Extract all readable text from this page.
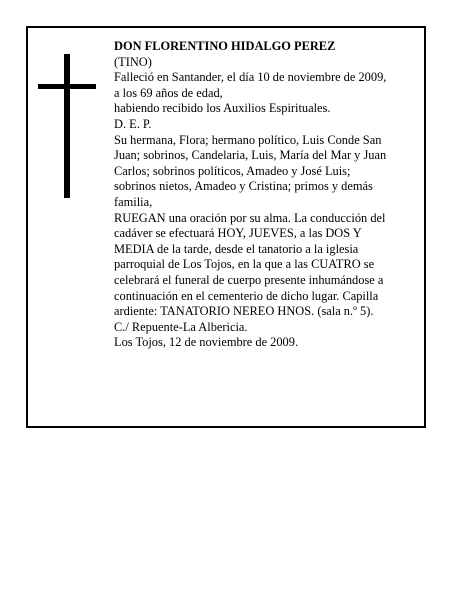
DON FLORENTINO HIDALGO PEREZ
(TINO)
Falleció en Santander, el día 10 de noviembre de 2009,
a los 69 años de edad,
habiendo recibido los Auxilios Espirituales.
D. E. P.
Su hermana, Flora; hermano político, Luis Conde San
Juan; sobrinos, Candelaria, Luis, María del Mar y Juan
Carlos; sobrinos políticos, Amadeo y José Luis;
sobrinos nietos, Amadeo y Cristina; primos y demás
familia,
RUEGAN una oración por su alma. La conducción del
cadáver se efectuará HOY, JUEVES, a las DOS Y
MEDIA de la tarde, desde el tanatorio a la iglesia
parroquial de Los Tojos, en la que a las CUATRO se
celebrará el funeral de cuerpo presente inhumándose a
continuación en el cementerio de dicho lugar. Capilla
ardiente: TANATORIO NEREO HNOS. (sala n.º 5).
C./ Repuente-La Albericia.
Los Tojos, 12 de noviembre de 2009.
